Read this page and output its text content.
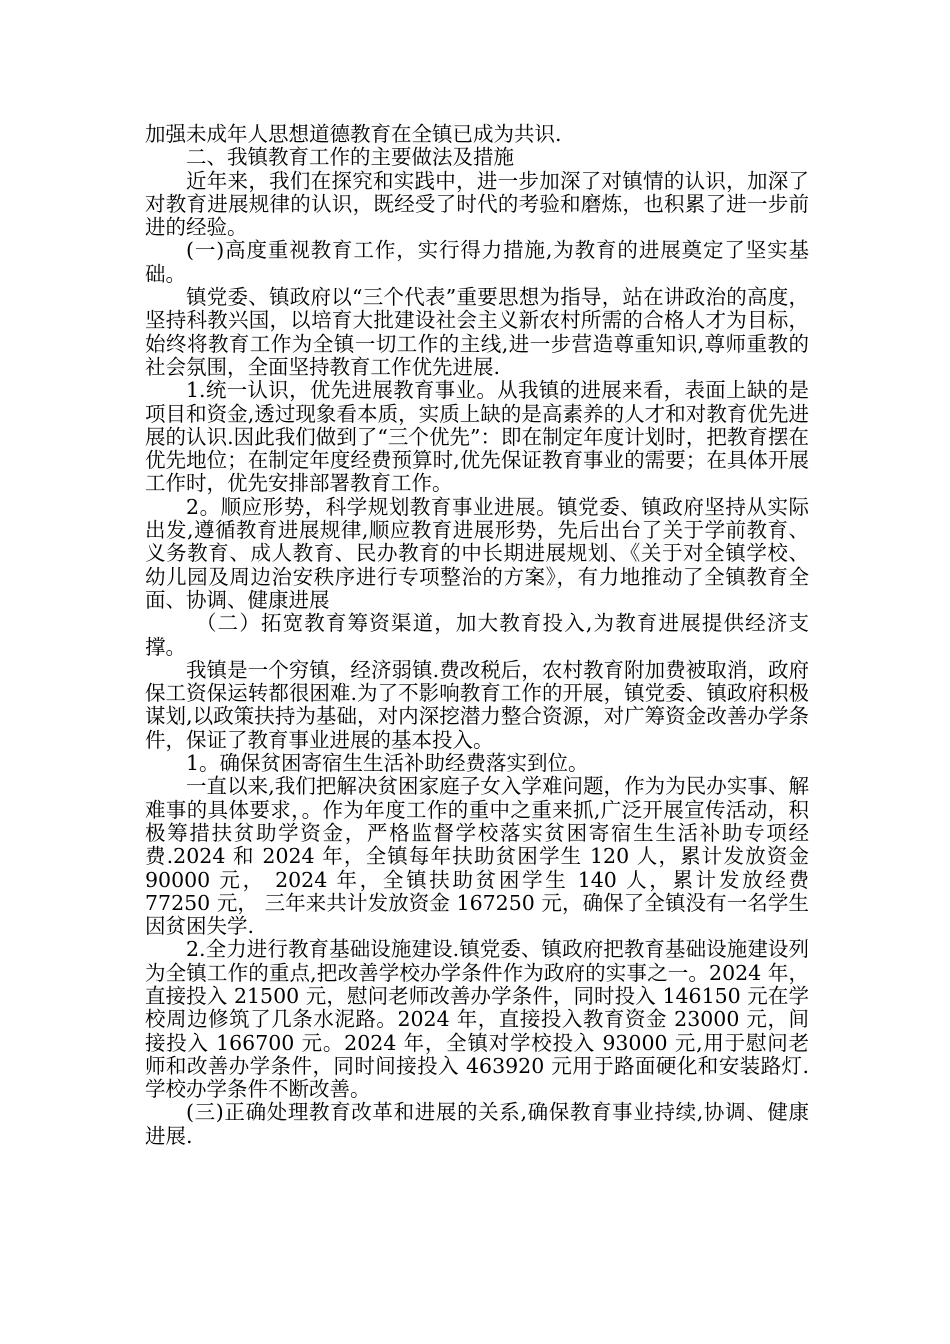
加强未成年人思想道德教育在全镇已成为共识.

二、我镇教育工作的主要做法及措施

近年来，我们在探究和实践中，进一步加深了对镇情的认识，加深了对教育进展规律的认识，既经受了时代的考验和磨炼，也积累了进一步前进的经验。

(一)高度重视教育工作，实行得力措施,为教育的进展奠定了坚实基础。

镇党委、镇政府以“三个代表”重要思想为指导，站在讲政治的高度，坚持科教兴国，以培育大批建设社会主义新农村所需的合格人才为目标，始终将教育工作为全镇一切工作的主线,进一步营造尊重知识,尊师重教的社会氛围，全面坚持教育工作优先进展.

1.统一认识，优先进展教育事业。从我镇的进展来看，表面上缺的是项目和资金,透过现象看本质，实质上缺的是高素养的人才和对教育优先进展的认识.因此我们做到了“三个优先”：即在制定年度计划时，把教育摆在优先地位；在制定年度经费预算时,优先保证教育事业的需要；在具体开展工作时，优先安排部署教育工作。

2。顺应形势，科学规划教育事业进展。镇党委、镇政府坚持从实际出发,遵循教育进展规律,顺应教育进展形势，先后出台了关于学前教育、义务教育、成人教育、民办教育的中长期进展规划、《关于对全镇学校、幼儿园及周边治安秩序进行专项整治的方案》，有力地推动了全镇教育全面、协调、健康进展

（二）拓宽教育筹资渠道，加大教育投入,为教育进展提供经济支撑。

我镇是一个穷镇，经济弱镇.费改税后，农村教育附加费被取消，政府保工资保运转都很困难.为了不影响教育工作的开展，镇党委、镇政府积极谋划,以政策扶持为基础，对内深挖潜力整合资源，对广筹资金改善办学条件，保证了教育事业进展的基本投入。

1。确保贫困寄宿生生活补助经费落实到位。

一直以来,我们把解决贫困家庭子女入学难问题，作为为民办实事、解难事的具体要求，。作为年度工作的重中之重来抓,广泛开展宣传活动，积极筹措扶贫助学资金，严格监督学校落实贫困寄宿生生活补助专项经费.2024 和 2024 年，全镇每年扶助贫困学生 120 人，累计发放资金 90000 元， 2024 年，全镇扶助贫困学生 140 人，累计发放经费 77250 元， 三年来共计发放资金 167250 元，确保了全镇没有一名学生因贫困失学.

2.全力进行教育基础设施建设.镇党委、镇政府把教育基础设施建设列为全镇工作的重点,把改善学校办学条件作为政府的实事之一。2024 年，直接投入 21500 元，慰问老师改善办学条件，同时投入 146150 元在学校周边修筑了几条水泥路。2024 年，直接投入教育资金 23000 元，间接投入 166700 元。2024 年，全镇对学校投入 93000 元,用于慰问老师和改善办学条件，同时间接投入 463920 元用于路面硬化和安装路灯.学校办学条件不断改善。

(三)正确处理教育改革和进展的关系,确保教育事业持续,协调、健康进展.
